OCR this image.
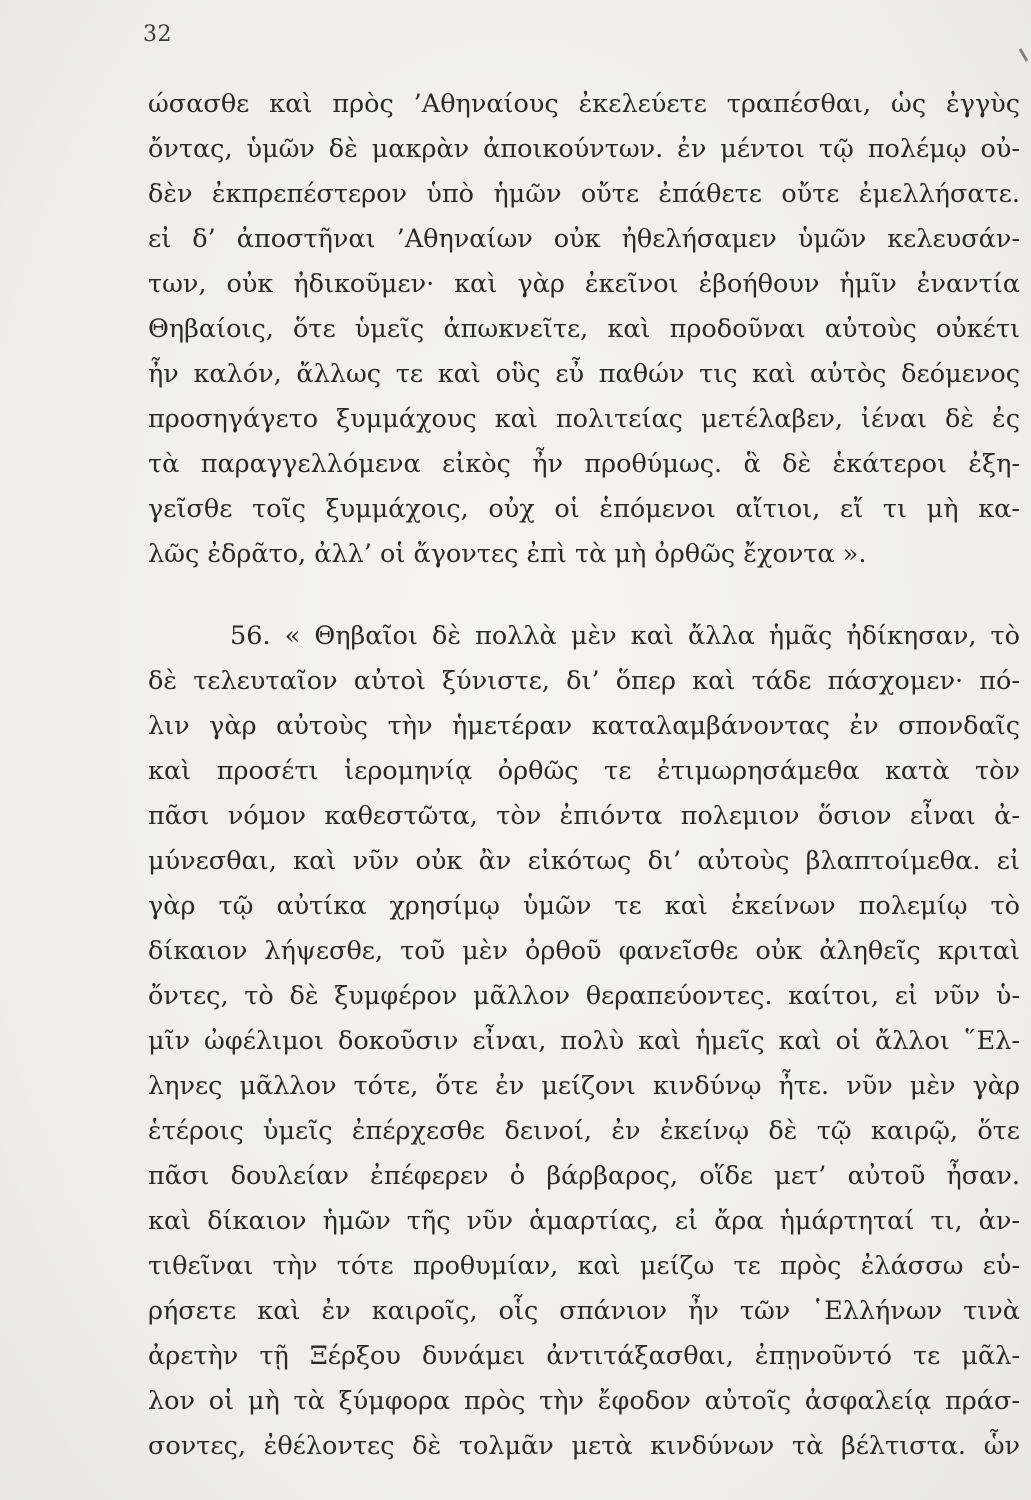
32
ώσασθε καὶ πρὸς ’Αθηναίους ἐκελεύετε τραπέσθαι, ὡς ἐγγὺς
ὄντας, ὑμῶν δὲ μακρὰν ἀποικούντων. ἐν μέντοι τῷ πολέμῳ οὐ-
δὲν ἐκπρεπέστερον ὑπὸ ἡμῶν οὔτε ἐπάθετε οὔτε ἐμελλήσατε.
εἰ δ’ ἀποστῆναι ’Αθηναίων οὐκ ἠθελήσαμεν ὑμῶν κελευσάν-
των, οὐκ ἠδικοῦμεν· καὶ γὰρ ἐκεῖνοι ἐβοήθουν ἡμῖν ἐναντία
Θηβαίοις, ὅτε ὑμεῖς ἀπωκνεῖτε, καὶ προδοῦναι αὐτοὺς οὐκέτι
ἦν καλόν, ἄλλως τε καὶ οὓς εὖ παθών τις καὶ αὐτὸς δεόμενος
προσηγάγετο ξυμμάχους καὶ πολιτείας μετέλαβεν, ἰέναι δὲ ἐς
τὰ παραγγελλόμενα εἰκὸς ἦν προθύμως. ἃ δὲ ἑκάτεροι ἐξη-
γεῖσθε τοῖς ξυμμάχοις, οὐχ οἱ ἑπόμενοι αἴτιοι, εἴ τι μὴ κα-
λῶς ἐδρᾶτο, ἀλλ’ οἱ ἄγοντες ἐπὶ τὰ μὴ ὀρθῶς ἔχοντα ».
56. « Θηβαῖοι δὲ πολλὰ μὲν καὶ ἄλλα ἡμᾶς ἠδίκησαν, τὸ
δὲ τελευταῖον αὐτοὶ ξύνιστε, δι’ ὅπερ καὶ τάδε πάσχομεν· πό-
λιν γὰρ αὐτοὺς τὴν ἡμετέραν καταλαμβάνοντας ἐν σπονδαῖς
καὶ προσέτι ἱερομηνίᾳ ὀρθῶς τε ἐτιμωρησάμεθα κατὰ τὸν
πᾶσι νόμον καθεστῶτα, τὸν ἐπιόντα πολεμιον ὅσιον εἶναι ἀ-
μύνεσθαι, καὶ νῦν οὐκ ἂν εἰκότως δι’ αὐτοὺς βλαπτοίμεθα. εἰ
γὰρ τῷ αὐτίκα χρησίμῳ ὑμῶν τε καὶ ἐκείνων πολεμίῳ τὸ
δίκαιον λήψεσθε, τοῦ μὲν ὀρθοῦ φανεῖσθε οὐκ ἀληθεῖς κριταὶ
ὄντες, τὸ δὲ ξυμφέρον μᾶλλον θεραπεύοντες. καίτοι, εἰ νῦν ὑ-
μῖν ὠφέλιμοι δοκοῦσιν εἶναι, πολὺ καὶ ἡμεῖς καὶ οἱ ἄλλοι ῞Ελ-
ληνες μᾶλλον τότε, ὅτε ἐν μείζονι κινδύνῳ ἦτε. νῦν μὲν γὰρ
ἑτέροις ὑμεῖς ἐπέρχεσθε δεινοί, ἐν ἐκείνῳ δὲ τῷ καιρῷ, ὅτε
πᾶσι δουλείαν ἐπέφερεν ὁ βάρβαρος, οἵδε μετ’ αὐτοῦ ἦσαν.
καὶ δίκαιον ἡμῶν τῆς νῦν ἁμαρτίας, εἰ ἄρα ἡμάρτηταί τι, ἀν-
τιθεῖναι τὴν τότε προθυμίαν, καὶ μείζω τε πρὸς ἐλάσσω εὑ-
ρήσετε καὶ ἐν καιροῖς, οἷς σπάνιον ἦν τῶν ῾Ελλήνων τινὰ
ἀρετὴν τῇ Ξέρξου δυνάμει ἀντιτάξασθαι, ἐπῃνοῦντό τε μᾶλ-
λον οἱ μὴ τὰ ξύμφορα πρὸς τὴν ἔφοδον αὐτοῖς ἀσφαλείᾳ πράσ-
σοντες, ἐθέλοντες δὲ τολμᾶν μετὰ κινδύνων τὰ βέλτιστα. ὧν
